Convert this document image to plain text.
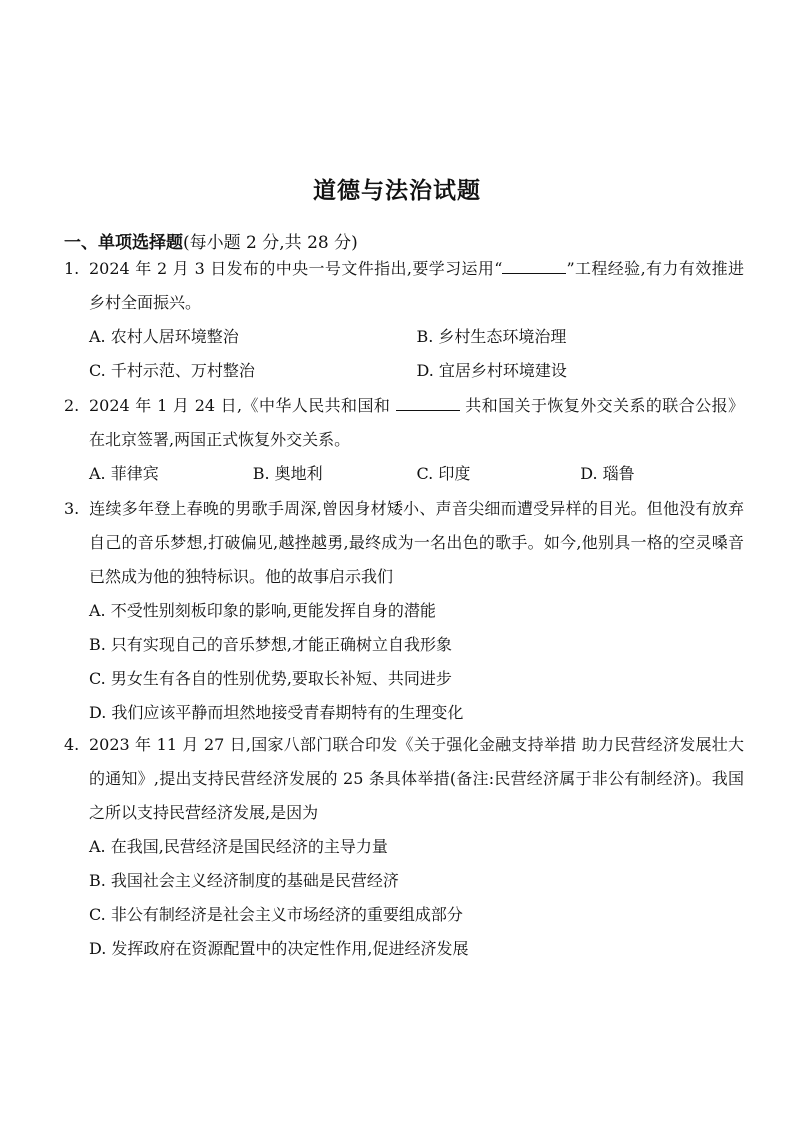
道德与法治试题
一、单项选择题(每小题 2 分,共 28 分)
1. 2024 年 2 月 3 日发布的中央一号文件指出,要学习运用“	”工程经验,有力有效推进乡村全面振兴。
A. 农村人居环境整治	B. 乡村生态环境治理
C. 千村示范、万村整治	D. 宜居乡村环境建设
2. 2024 年 1 月 24 日,《中华人民共和国和	共和国关于恢复外交关系的联合公报》在北京签署,两国正式恢复外交关系。
A. 菲律宾	B. 奥地利	C. 印度	D. 瑙鲁
3. 连续多年登上春晚的男歌手周深,曾因身材矮小、声音尖细而遭受异样的目光。但他没有放弃自己的音乐梦想,打破偏见,越挫越勇,最终成为一名出色的歌手。如今,他别具一格的空灵嗓音已然成为他的独特标识。他的故事启示我们
A. 不受性别刻板印象的影响,更能发挥自身的潜能
B. 只有实现自己的音乐梦想,才能正确树立自我形象
C. 男女生有各自的性别优势,要取长补短、共同进步
D. 我们应该平静而坦然地接受青春期特有的生理变化
4. 2023 年 11 月 27 日,国家八部门联合印发《关于强化金融支持举措 助力民营经济发展壮大的通知》,提出支持民营经济发展的 25 条具体举措(备注:民营经济属于非公有制经济)。我国之所以支持民营经济发展,是因为
A. 在我国,民营经济是国民经济的主导力量
B. 我国社会主义经济制度的基础是民营经济
C. 非公有制经济是社会主义市场经济的重要组成部分
D. 发挥政府在资源配置中的决定性作用,促进经济发展
